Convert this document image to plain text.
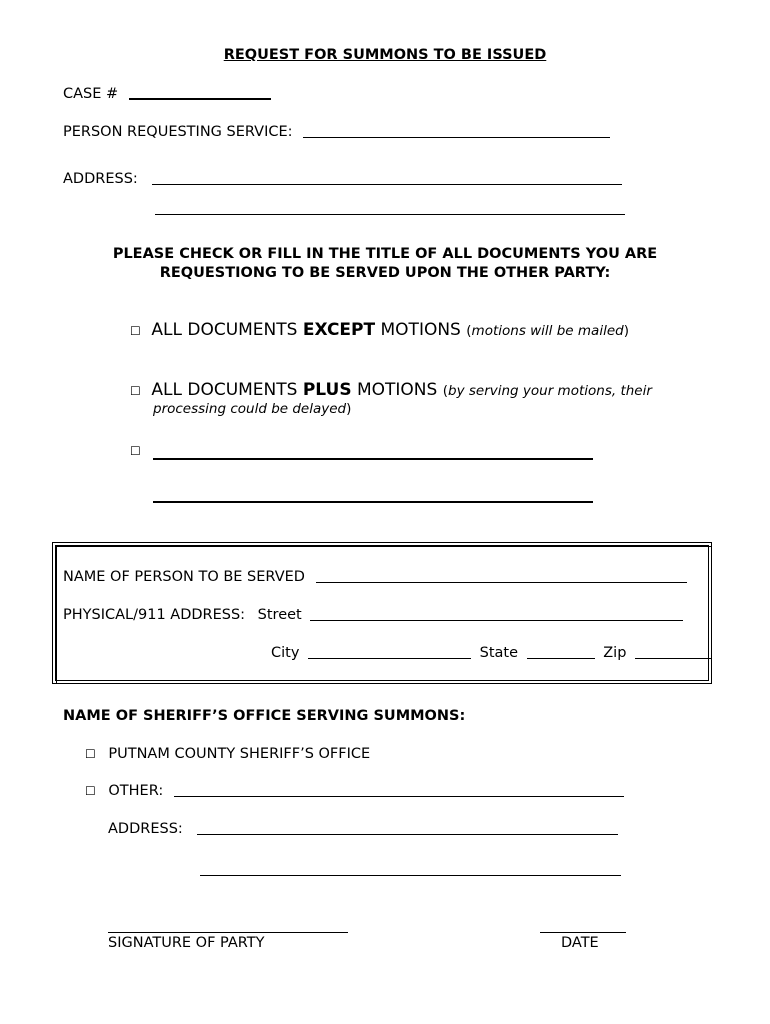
REQUEST FOR SUMMONS TO BE ISSUED
CASE #
PERSON REQUESTING SERVICE:
ADDRESS:
PLEASE CHECK OR FILL IN THE TITLE OF ALL DOCUMENTS YOU ARE
REQUESTIONG TO BE SERVED UPON THE OTHER PARTY:
☐ ALL DOCUMENTS EXCEPT MOTIONS (motions will be mailed)
☐ ALL DOCUMENTS PLUS MOTIONS (by serving your motions, their
processing could be delayed)
☐
NAME OF PERSON TO BE SERVED
PHYSICAL/911 ADDRESS: Street
City	State	Zip
NAME OF SHERIFF’S OFFICE SERVING SUMMONS:
☐ PUTNAM COUNTY SHERIFF’S OFFICE
☐ OTHER:
ADDRESS:
SIGNATURE OF PARTY	DATE
